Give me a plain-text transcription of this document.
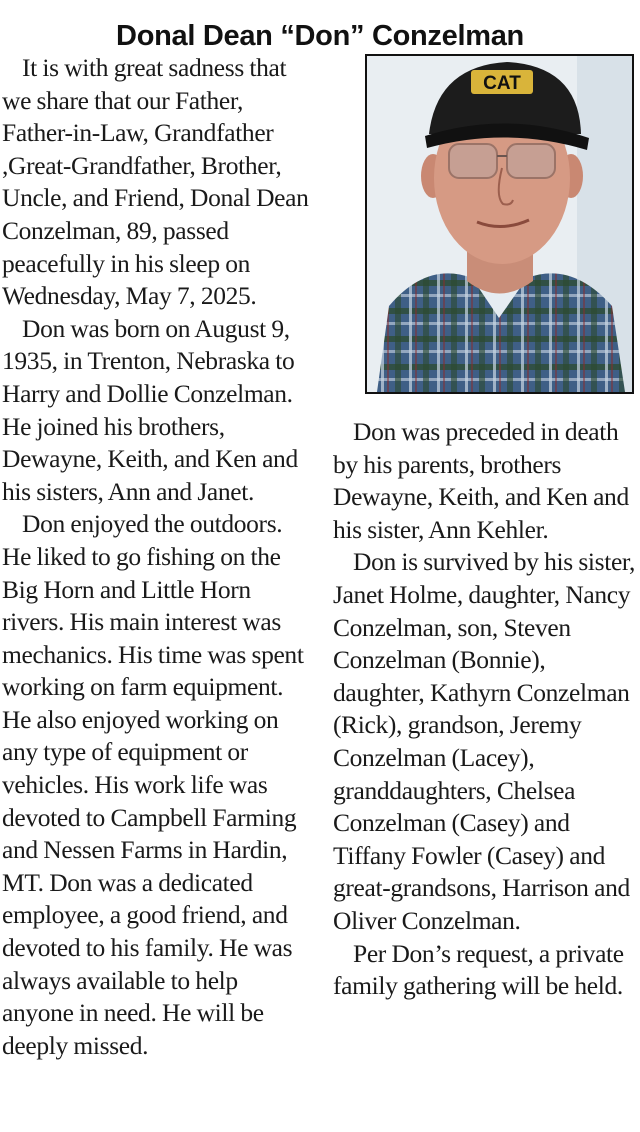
Donal Dean “Don” Conzelman

It is with great sadness that we share that our Father, Father-in-Law, Grandfather ,Great-Grandfather, Brother, Uncle, and Friend, Donal Dean Conzelman, 89, passed peacefully in his sleep on Wednesday, May 7, 2025.

Don was born on August 9, 1935, in Trenton, Nebraska to Harry and Dollie Conzelman. He joined his brothers, Dewayne, Keith, and Ken and his sisters, Ann and Janet.

Don enjoyed the outdoors. He liked to go fishing on the Big Horn and Little Horn rivers. His main interest was mechanics. His time was spent working on farm equipment. He also enjoyed working on any type of equipment or vehicles. His work life was devoted to Campbell Farming and Nessen Farms in Hardin, MT. Don was a dedicated employee, a good friend, and devoted to his family. He was always available to help anyone in need. He will be deeply missed.

CAT

Don was preceded in death by his parents, brothers Dewayne, Keith, and Ken and his sister, Ann Kehler.

Don is survived by his sister, Janet Holme, daughter, Nancy Conzelman, son, Steven Conzelman (Bonnie), daughter, Kathyrn Conzelman (Rick), grandson, Jeremy Conzelman (Lacey), granddaughters, Chelsea Conzelman (Casey) and Tiffany Fowler (Casey) and great-grandsons, Harrison and Oliver Conzelman.

Per Don’s request, a private family gathering will be held.
